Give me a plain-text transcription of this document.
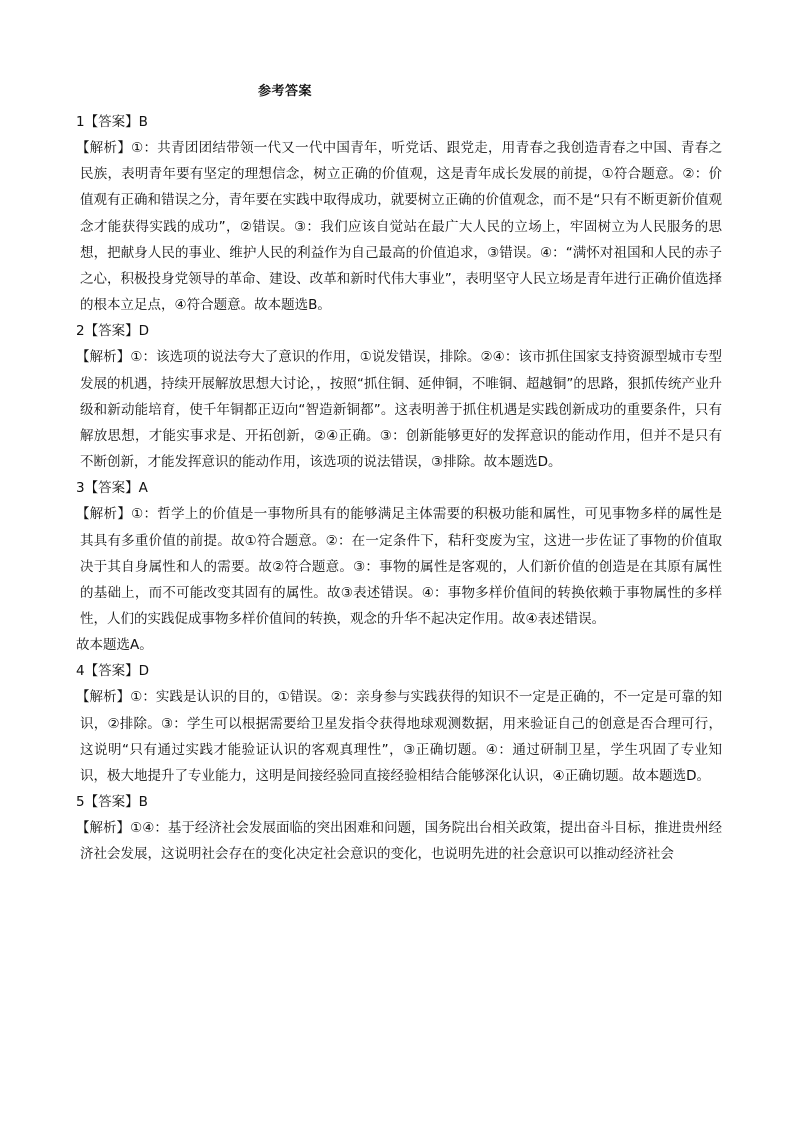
参考答案
1【答案】B

【解析】①：共青团团结带领一代又一代中国青年，听党话、跟党走，用青春之我创造青春之中国、青春之民族，表明青年要有坚定的理想信念，树立正确的价值观，这是青年成长发展的前提，①符合题意。②：价值观有正确和错误之分，青年要在实践中取得成功，就要树立正确的价值观念，而不是“只有不断更新价值观念才能获得实践的成功”，②错误。③：我们应该自觉站在最广大人民的立场上，牢固树立为人民服务的思想，把献身人民的事业、维护人民的利益作为自己最高的价值追求，③错误。④：“满怀对祖国和人民的赤子之心，积极投身党领导的革命、建设、改革和新时代伟大事业”，表明坚守人民立场是青年进行正确价值选择的根本立足点，④符合题意。故本题选B。

2【答案】D

【解析】①：该选项的说法夸大了意识的作用，①说发错误，排除。②④：该市抓住国家支持资源型城市专型发展的机遇，持续开展解放思想大讨论，，按照“抓住铜、延伸铜，不唯铜、超越铜”的思路，狠抓传统产业升级和新动能培育，使千年铜都正迈向“智造新铜都”。这表明善于抓住机遇是实践创新成功的重要条件，只有解放思想，才能实事求是、开拓创新，②④正确。③：创新能够更好的发挥意识的能动作用，但并不是只有不断创新，才能发挥意识的能动作用，该选项的说法错误，③排除。故本题选D。

3【答案】A

【解析】①：哲学上的价值是一事物所具有的能够满足主体需要的积极功能和属性，可见事物多样的属性是其具有多重价值的前提。故①符合题意。②：在一定条件下，秸秆变废为宝，这进一步佐证了事物的价值取决于其自身属性和人的需要。故②符合题意。③：事物的属性是客观的，人们新价值的创造是在其原有属性的基础上，而不可能改变其固有的属性。故③表述错误。④：事物多样价值间的转换依赖于事物属性的多样性，人们的实践促成事物多样价值间的转换，观念的升华不起决定作用。故④表述错误。

故本题选A。

4【答案】D

【解析】①：实践是认识的目的，①错误。②：亲身参与实践获得的知识不一定是正确的，不一定是可靠的知识，②排除。③：学生可以根据需要给卫星发指令获得地球观测数据，用来验证自己的创意是否合理可行，这说明“只有通过实践才能验证认识的客观真理性”，③正确切题。④：通过研制卫星，学生巩固了专业知识，极大地提升了专业能力，这明是间接经验同直接经验相结合能够深化认识，④正确切题。故本题选D。

5【答案】B

【解析】①④：基于经济社会发展面临的突出困难和问题，国务院出台相关政策，提出奋斗目标，推进贵州经济社会发展，这说明社会存在的变化决定社会意识的变化，也说明先进的社会意识可以推动经济社会
